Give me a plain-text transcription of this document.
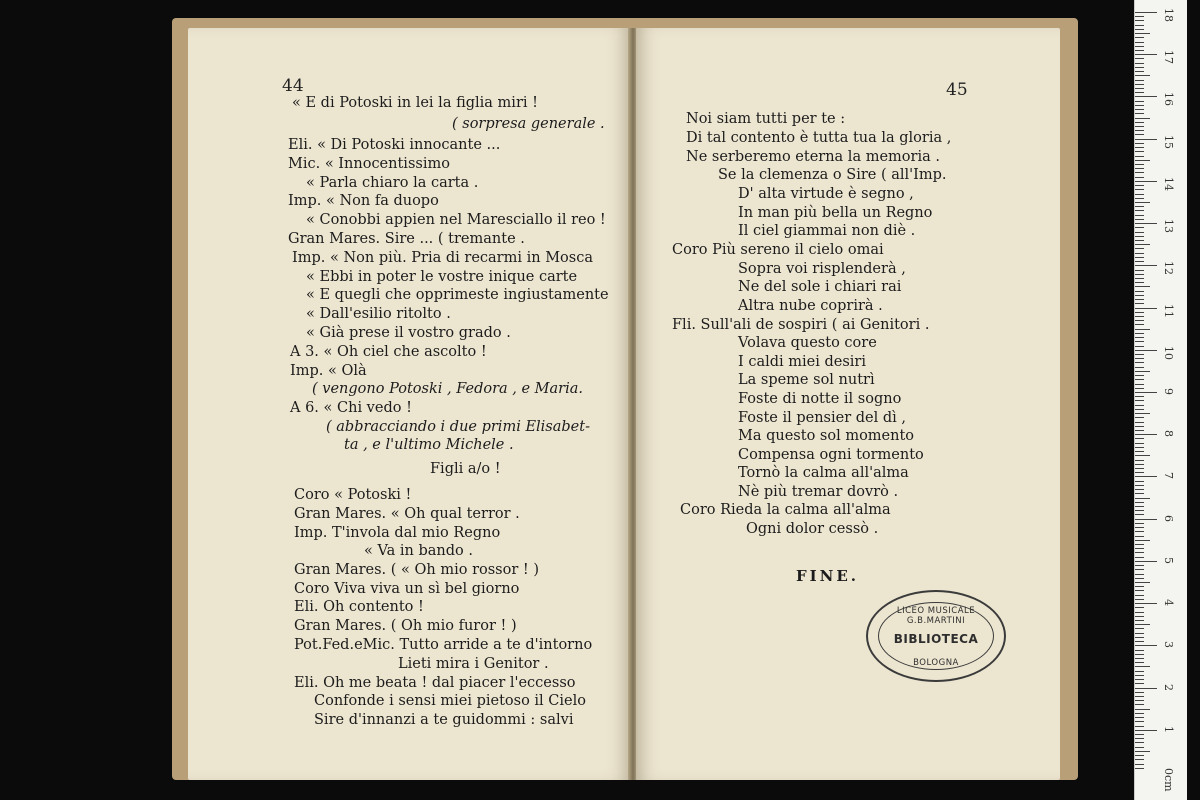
44	45
« E di Potoski in lei la figlia miri !
( sorpresa generale .
Eli. « Di Potoski innocante ...
Mic. « Innocentissimo
« Parla chiaro la carta .
Imp. « Non fa duopo
« Conobbi appien nel Maresciallo il reo !
Gran Mares. Sire ... ( tremante .
Imp. « Non più. Pria di recarmi in Mosca
« Ebbi in poter le vostre inique carte
« E quegli che opprimeste ingiustamente
« Dall'esilio ritolto .
« Già prese il vostro grado .
A 3. « Oh ciel che ascolto !
Imp. « Olà
( vengono Potoski , Fedora , e Maria.
A 6. « Chi vedo !
( abbracciando i due primi Elisabet-
ta , e l'ultimo Michele .
Figli a/o !
Coro « Potoski !
Gran Mares. « Oh qual terror .
Imp. T'invola dal mio Regno
« Va in bando .
Gran Mares. ( « Oh mio rossor ! )
Coro Viva viva un sì bel giorno
Eli. Oh contento !
Gran Mares. ( Oh mio furor ! )
Pot.Fed.eMic. Tutto arride a te d'intorno
Lieti mira i Genitor .
Eli. Oh me beata ! dal piacer l'eccesso
Confonde i sensi miei pietoso il Cielo
Sire d'innanzi a te guidommi : salvi
Noi siam tutti per te :
Di tal contento è tutta tua la gloria ,
Ne serberemo eterna la memoria .
Se la clemenza o Sire ( all'Imp.
D' alta virtude è segno ,
In man più bella un Regno
Il ciel giammai non diè .
Coro Più sereno il cielo omai
Sopra voi risplenderà ,
Ne del sole i chiari rai
Altra nube coprirà .
Fli. Sull'ali de sospiri ( ai Genitori .
Volava questo core
I caldi miei desiri
La speme sol nutrì
Foste di notte il sogno
Foste il pensier del dì ,
Ma questo sol momento
Compensa ogni tormento
Tornò la calma all'alma
Nè più tremar dovrò .
Coro Rieda la calma all'alma
Ogni dolor cessò .
FINE.
LICEO MUSICALE G.B.MARTINI
BIBLIOTECA
BOLOGNA
18
17
16
15
14
13
12
11
10
9
8
7
6
5
4
3
2
1
0cm
